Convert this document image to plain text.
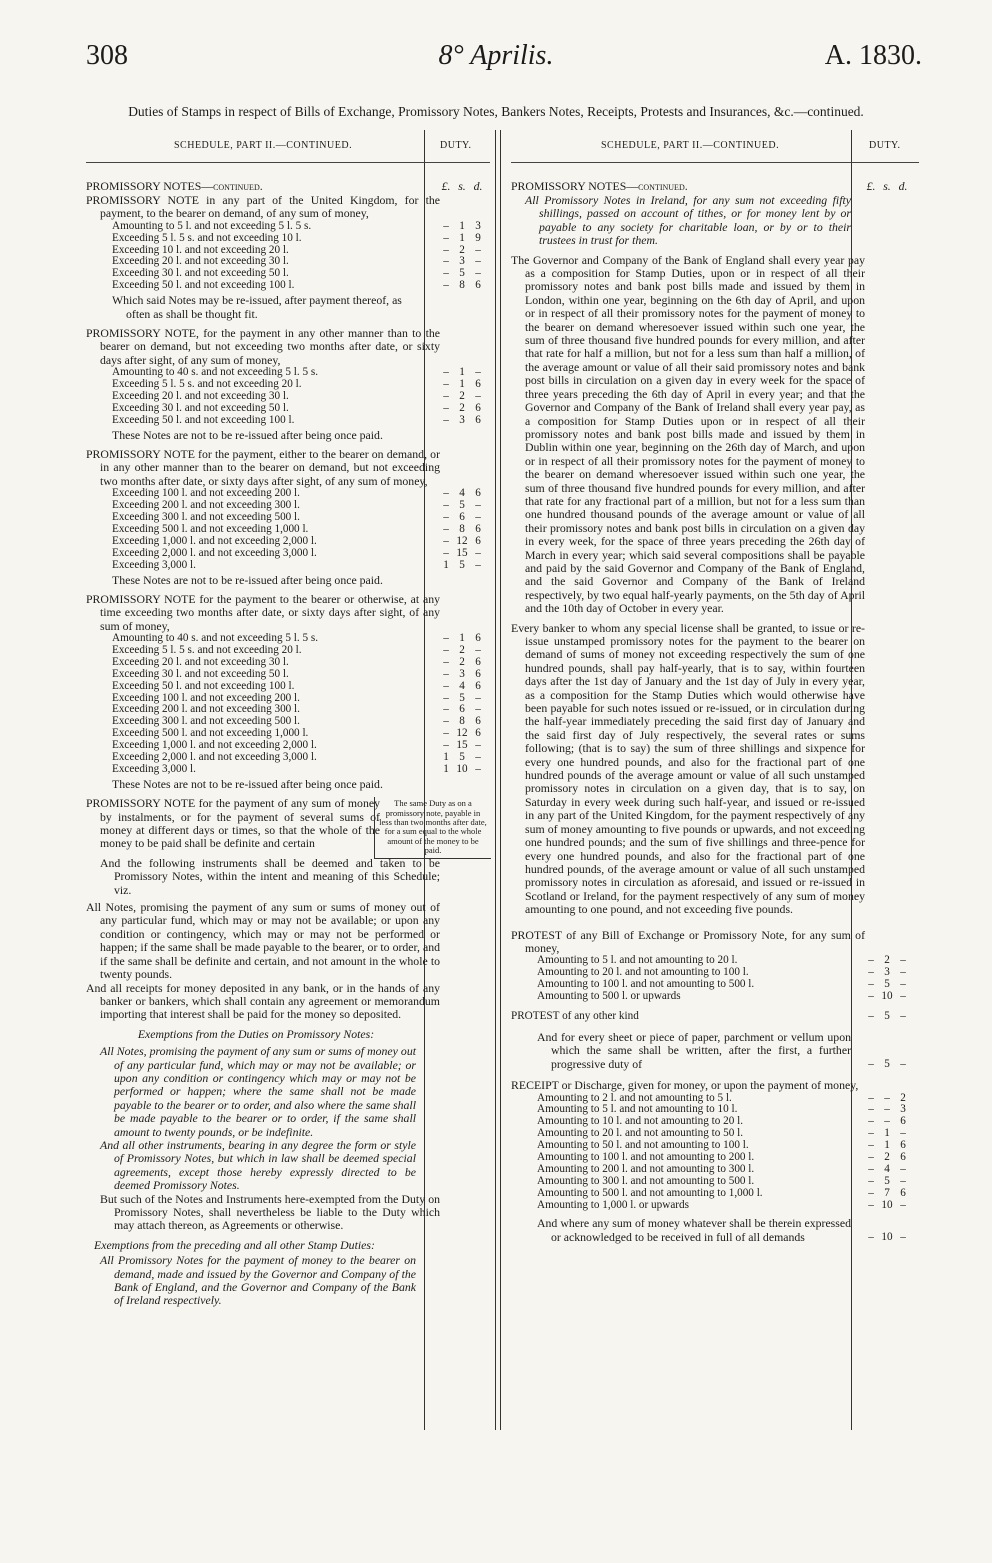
308	8° Aprilis.	A. 1830.
Duties of Stamps in respect of Bills of Exchange, Promissory Notes, Bankers Notes, Receipts, Protests and Insurances, &c.—continued.
SCHEDULE, PART II.—CONTINUED.	DUTY.
PROMISSORY NOTES—continued.	£. s. d.
PROMISSORY NOTE in any part of the United Kingdom, for the payment, to the bearer on demand, of any sum of money,
Amounting to 5 l. and not exceeding 5 l. 5 s.	– 1 3
Exceeding 5 l. 5 s. and not exceeding 10 l.	– 1 9
Exceeding 10 l. and not exceeding 20 l.	– 2 –
Exceeding 20 l. and not exceeding 30 l.	– 3 –
Exceeding 30 l. and not exceeding 50 l.	– 5 –
Exceeding 50 l. and not exceeding 100 l.	– 8 6
Which said Notes may be re-issued, after payment thereof, as often as shall be thought fit.
PROMISSORY NOTE, for the payment in any other manner than to the bearer on demand, but not exceeding two months after date, or sixty days after sight, of any sum of money,
Amounting to 40 s. and not exceeding 5 l. 5 s.	– 1 –
Exceeding 5 l. 5 s. and not exceeding 20 l.	– 1 6
Exceeding 20 l. and not exceeding 30 l.	– 2 –
Exceeding 30 l. and not exceeding 50 l.	– 2 6
Exceeding 50 l. and not exceeding 100 l.	– 3 6
These Notes are not to be re-issued after being once paid.
PROMISSORY NOTE for the payment, either to the bearer on demand, or in any other manner than to the bearer on demand, but not exceeding two months after date, or sixty days after sight, of any sum of money,
Exceeding 100 l. and not exceeding 200 l.	– 4 6
Exceeding 200 l. and not exceeding 300 l.	– 5 –
Exceeding 300 l. and not exceeding 500 l.	– 6 –
Exceeding 500 l. and not exceeding 1,000 l.	– 8 6
Exceeding 1,000 l. and not exceeding 2,000 l.	– 12 6
Exceeding 2,000 l. and not exceeding 3,000 l.	– 15 –
Exceeding 3,000 l.	1 5 –
These Notes are not to be re-issued after being once paid.
PROMISSORY NOTE for the payment to the bearer or otherwise, at any time exceeding two months after date, or sixty days after sight, of any sum of money,
Amounting to 40 s. and not exceeding 5 l. 5 s.	– 1 6
Exceeding 5 l. 5 s. and not exceeding 20 l.	– 2 –
Exceeding 20 l. and not exceeding 30 l.	– 2 6
Exceeding 30 l. and not exceeding 50 l.	– 3 6
Exceeding 50 l. and not exceeding 100 l.	– 4 6
Exceeding 100 l. and not exceeding 200 l.	– 5 –
Exceeding 200 l. and not exceeding 300 l.	– 6 –
Exceeding 300 l. and not exceeding 500 l.	– 8 6
Exceeding 500 l. and not exceeding 1,000 l.	– 12 6
Exceeding 1,000 l. and not exceeding 2,000 l.	– 15 –
Exceeding 2,000 l. and not exceeding 3,000 l.	1 5 –
Exceeding 3,000 l.	1 10 –
These Notes are not to be re-issued after being once paid.
PROMISSORY NOTE for the payment of any sum of money by instalments, or for the payment of several sums of money at different days or times, so that the whole of the money to be paid shall be definite and certain
The same Duty as on a promissory note, payable in less than two months after date, for a sum equal to the whole amount of the money to be paid.
And the following instruments shall be deemed and taken to be Promissory Notes, within the intent and meaning of this Schedule; viz.
All Notes, promising the payment of any sum or sums of money out of any particular fund, which may or may not be available; or upon any condition or contingency, which may or may not be performed or happen; if the same shall be made payable to the bearer, or to order, and if the same shall be definite and certain, and not amount in the whole to twenty pounds.
And all receipts for money deposited in any bank, or in the hands of any banker or bankers, which shall contain any agreement or memorandum importing that interest shall be paid for the money so deposited.
Exemptions from the Duties on Promissory Notes:
All Notes, promising the payment of any sum or sums of money out of any particular fund, which may or may not be available; or upon any condition or contingency which may or may not be performed or happen; where the same shall not be made payable to the bearer or to order, and also where the same shall be made payable to the bearer or to order, if the same shall amount to twenty pounds, or be indefinite.
And all other instruments, bearing in any degree the form or style of Promissory Notes, but which in law shall be deemed special agreements, except those hereby expressly directed to be deemed Promissory Notes.
But such of the Notes and Instruments here-exempted from the Duty on Promissory Notes, shall nevertheless be liable to the Duty which may attach thereon, as Agreements or otherwise.
Exemptions from the preceding and all other Stamp Duties:
All Promissory Notes for the payment of money to the bearer on demand, made and issued by the Governor and Company of the Bank of England, and the Governor and Company of the Bank of Ireland respectively.
SCHEDULE, PART II.—CONTINUED.	DUTY.
PROMISSORY NOTES—continued.	£. s. d.
All Promissory Notes in Ireland, for any sum not exceeding fifty shillings, passed on account of tithes, or for money lent by or payable to any society for charitable loan, or by or to their trustees in trust for them.
The Governor and Company of the Bank of England shall every year pay as a composition for Stamp Duties, upon or in respect of all their promissory notes and bank post bills made and issued by them in London, within one year, beginning on the 6th day of April, and upon or in respect of all their promissory notes for the payment of money to the bearer on demand wheresoever issued within such one year, the sum of three thousand five hundred pounds for every million, and after that rate for half a million, but not for a less sum than half a million, of the average amount or value of all their said promissory notes and bank post bills in circulation on a given day in every week for the space of three years preceding the 6th day of April in every year; and that the Governor and Company of the Bank of Ireland shall every year pay, as a composition for Stamp Duties upon or in respect of all their promissory notes and bank post bills made and issued by them in Dublin within one year, beginning on the 26th day of March, and upon or in respect of all their promissory notes for the payment of money to the bearer on demand wheresoever issued within such one year, the sum of three thousand five hundred pounds for every million, and after that rate for any fractional part of a million, but not for a less sum than one hundred thousand pounds of the average amount or value of all their promissory notes and bank post bills in circulation on a given day in every week, for the space of three years preceding the 26th day of March in every year; which said several compositions shall be payable and paid by the said Governor and Company of the Bank of England, and the said Governor and Company of the Bank of Ireland respectively, by two equal half-yearly payments, on the 5th day of April and the 10th day of October in every year.
Every banker to whom any special license shall be granted, to issue or re-issue unstamped promissory notes for the payment to the bearer on demand of sums of money not exceeding respectively the sum of one hundred pounds, shall pay half-yearly, that is to say, within fourteen days after the 1st day of January and the 1st day of July in every year, as a composition for the Stamp Duties which would otherwise have been payable for such notes issued or re-issued, or in circulation during the half-year immediately preceding the said first day of January and the said first day of July respectively, the several rates or sums following; (that is to say) the sum of three shillings and sixpence for every one hundred pounds, and also for the fractional part of one hundred pounds of the average amount or value of all such unstamped promissory notes in circulation on a given day, that is to say, on Saturday in every week during such half-year, and issued or re-issued in any part of the United Kingdom, for the payment respectively of any sum of money amounting to five pounds or upwards, and not exceeding one hundred pounds; and the sum of five shillings and three-pence for every one hundred pounds, and also for the fractional part of one hundred pounds, of the average amount or value of all such unstamped promissory notes in circulation as aforesaid, and issued or re-issued in Scotland or Ireland, for the payment respectively of any sum of money amounting to one pound, and not exceeding five pounds.
PROTEST of any Bill of Exchange or Promissory Note, for any sum of money,
Amounting to 5 l. and not amounting to 20 l.	– 2 –
Amounting to 20 l. and not amounting to 100 l.	– 3 –
Amounting to 100 l. and not amounting to 500 l.	– 5 –
Amounting to 500 l. or upwards	– 10 –
PROTEST of any other kind	– 5 –
And for every sheet or piece of paper, parchment or vellum upon which the same shall be written, after the first, a further progressive duty of	– 5 –
RECEIPT or Discharge, given for money, or upon the payment of money,
Amounting to 2 l. and not amounting to 5 l.	– – 2
Amounting to 5 l. and not amounting to 10 l.	– – 3
Amounting to 10 l. and not amounting to 20 l.	– – 6
Amounting to 20 l. and not amounting to 50 l.	– 1 –
Amounting to 50 l. and not amounting to 100 l.	– 1 6
Amounting to 100 l. and not amounting to 200 l.	– 2 6
Amounting to 200 l. and not amounting to 300 l.	– 4 –
Amounting to 300 l. and not amounting to 500 l.	– 5 –
Amounting to 500 l. and not amounting to 1,000 l.	– 7 6
Amounting to 1,000 l. or upwards	– 10 –
And where any sum of money whatever shall be therein expressed or acknowledged to be received in full of all demands	– 10 –
